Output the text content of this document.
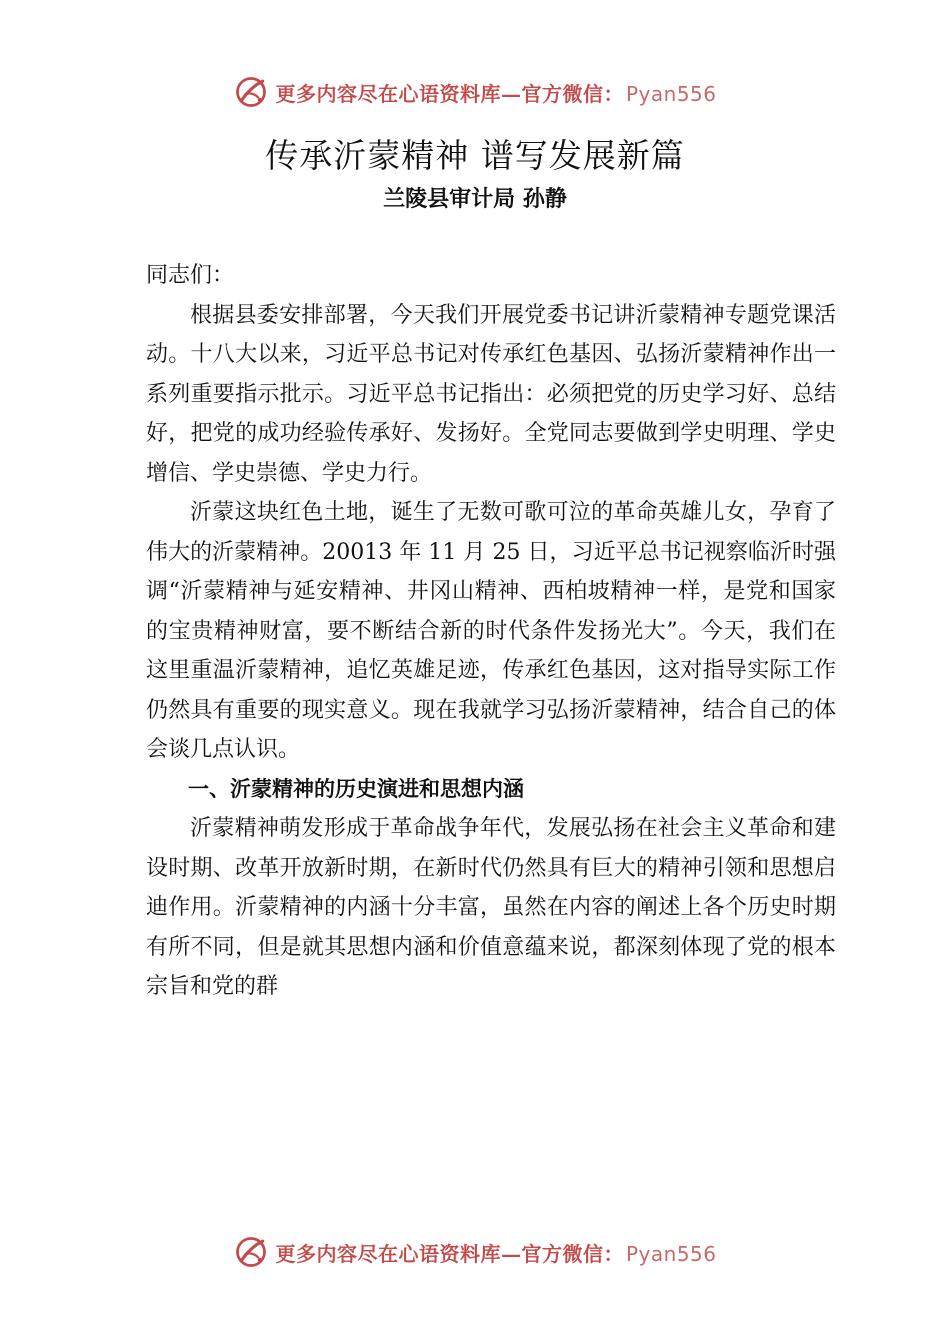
更多内容尽在心语资料库—官方微信： Pyan556
传承沂蒙精神 谱写发展新篇
兰陵县审计局 孙静
同志们：

根据县委安排部署，今天我们开展党委书记讲沂蒙精神专题党课活动。十八大以来，习近平总书记对传承红色基因、弘扬沂蒙精神作出一系列重要指示批示。习近平总书记指出：必须把党的历史学习好、总结好，把党的成功经验传承好、发扬好。全党同志要做到学史明理、学史增信、学史崇德、学史力行。

沂蒙这块红色土地，诞生了无数可歌可泣的革命英雄儿女，孕育了伟大的沂蒙精神。20013 年 11 月 25 日，习近平总书记视察临沂时强调“沂蒙精神与延安精神、井冈山精神、西柏坡精神一样，是党和国家的宝贵精神财富，要不断结合新的时代条件发扬光大”。今天，我们在这里重温沂蒙精神，追忆英雄足迹，传承红色基因，这对指导实际工作仍然具有重要的现实意义。现在我就学习弘扬沂蒙精神，结合自己的体会谈几点认识。

一、沂蒙精神的历史演进和思想内涵

沂蒙精神萌发形成于革命战争年代，发展弘扬在社会主义革命和建设时期、改革开放新时期，在新时代仍然具有巨大的精神引领和思想启迪作用。沂蒙精神的内涵十分丰富，虽然在内容的阐述上各个历史时期有所不同，但是就其思想内涵和价值意蕴来说，都深刻体现了党的根本宗旨和党的群

更多内容尽在心语资料库—官方微信： Pyan556
